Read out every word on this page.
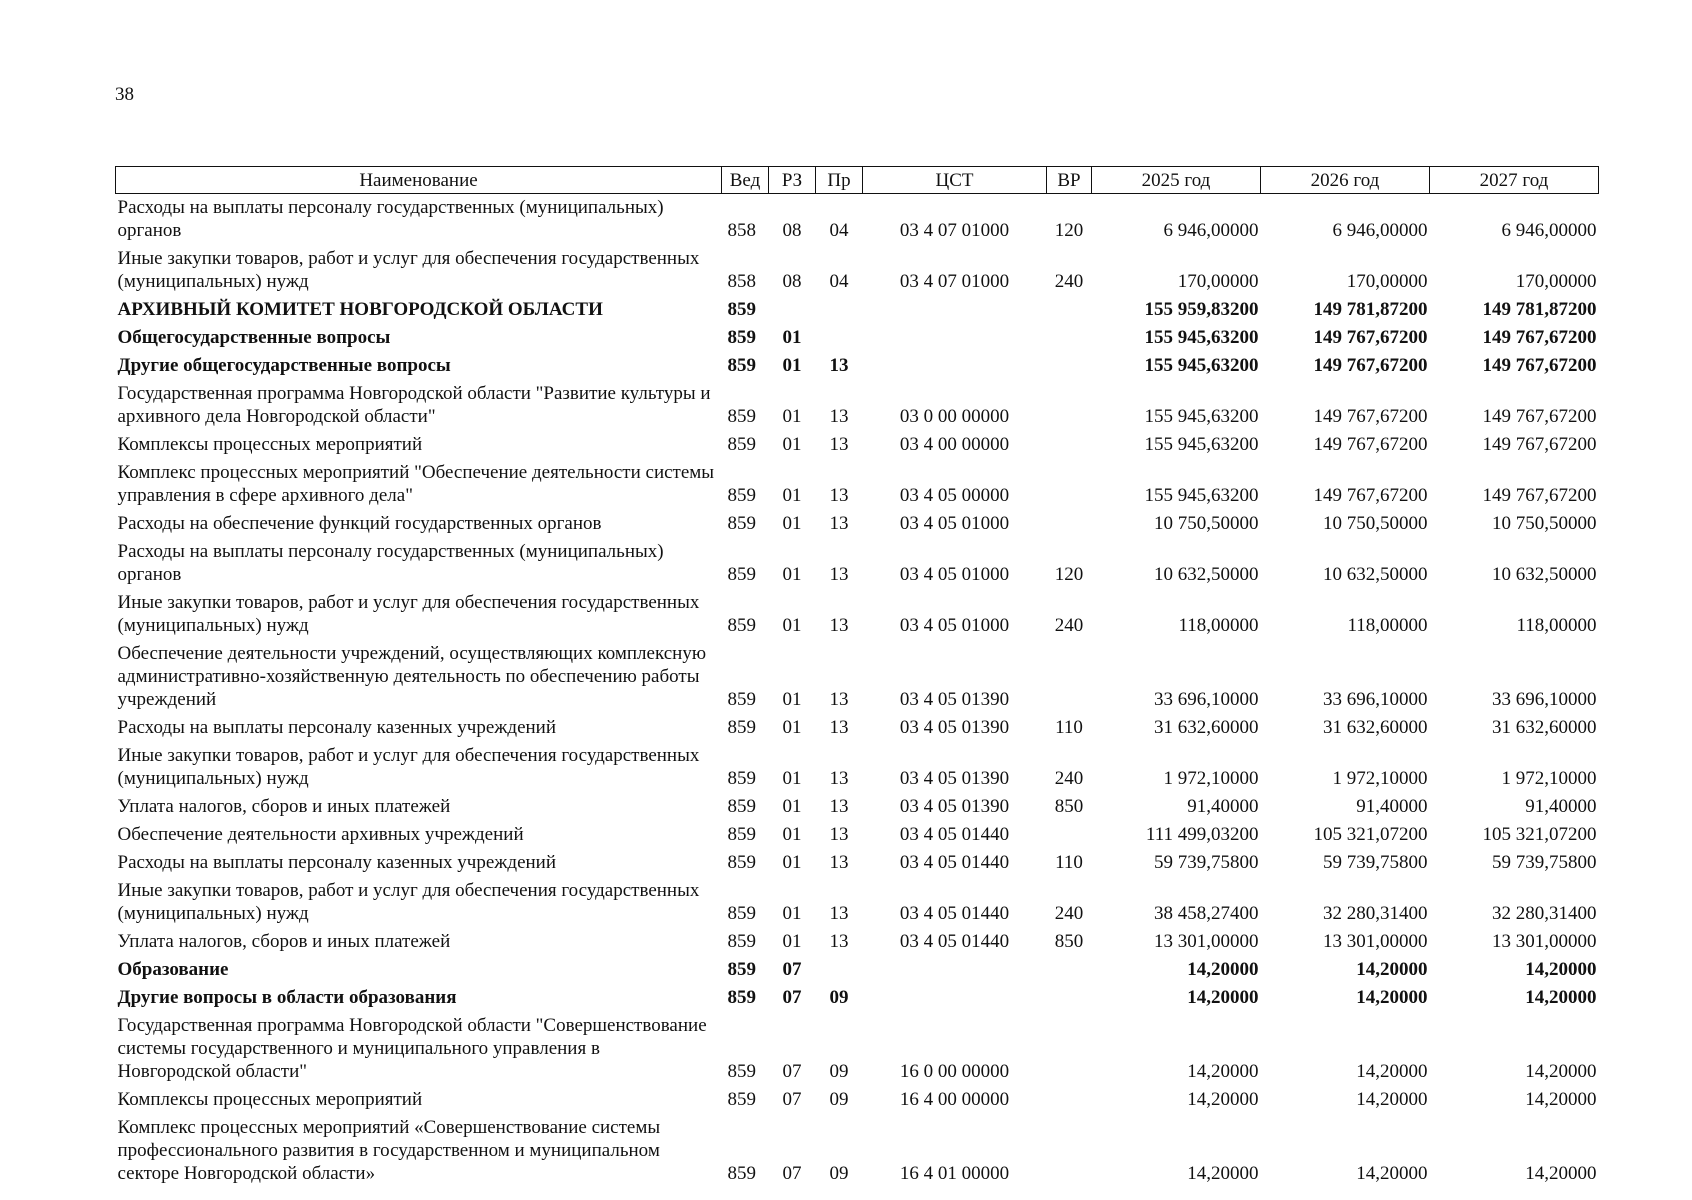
38
Наименование	Вед	РЗ	Пр	ЦСТ	ВР	2025 год	2026 год	2027 год
Расходы на выплаты персоналу государственных (муниципальных) органов	858	08	04	03 4 07 01000	120	6 946,00000	6 946,00000	6 946,00000
Иные закупки товаров, работ и услуг для обеспечения государственных (муниципальных) нужд	858	08	04	03 4 07 01000	240	170,00000	170,00000	170,00000
АРХИВНЫЙ КОМИТЕТ НОВГОРОДСКОЙ ОБЛАСТИ	859					155 959,83200	149 781,87200	149 781,87200
Общегосударственные вопросы	859	01				155 945,63200	149 767,67200	149 767,67200
Другие общегосударственные вопросы	859	01	13			155 945,63200	149 767,67200	149 767,67200
Государственная программа Новгородской области "Развитие культуры и архивного дела Новгородской области"	859	01	13	03 0 00 00000		155 945,63200	149 767,67200	149 767,67200
Комплексы процессных мероприятий	859	01	13	03 4 00 00000		155 945,63200	149 767,67200	149 767,67200
Комплекс процессных мероприятий "Обеспечение деятельности системы управления в сфере архивного дела"	859	01	13	03 4 05 00000		155 945,63200	149 767,67200	149 767,67200
Расходы на обеспечение функций государственных органов	859	01	13	03 4 05 01000		10 750,50000	10 750,50000	10 750,50000
Расходы на выплаты персоналу государственных (муниципальных) органов	859	01	13	03 4 05 01000	120	10 632,50000	10 632,50000	10 632,50000
Иные закупки товаров, работ и услуг для обеспечения государственных (муниципальных) нужд	859	01	13	03 4 05 01000	240	118,00000	118,00000	118,00000
Обеспечение деятельности учреждений, осуществляющих комплексную административно-хозяйственную деятельность по обеспечению работы учреждений	859	01	13	03 4 05 01390		33 696,10000	33 696,10000	33 696,10000
Расходы на выплаты персоналу казенных учреждений	859	01	13	03 4 05 01390	110	31 632,60000	31 632,60000	31 632,60000
Иные закупки товаров, работ и услуг для обеспечения государственных (муниципальных) нужд	859	01	13	03 4 05 01390	240	1 972,10000	1 972,10000	1 972,10000
Уплата налогов, сборов и иных платежей	859	01	13	03 4 05 01390	850	91,40000	91,40000	91,40000
Обеспечение деятельности архивных учреждений	859	01	13	03 4 05 01440		111 499,03200	105 321,07200	105 321,07200
Расходы на выплаты персоналу казенных учреждений	859	01	13	03 4 05 01440	110	59 739,75800	59 739,75800	59 739,75800
Иные закупки товаров, работ и услуг для обеспечения государственных (муниципальных) нужд	859	01	13	03 4 05 01440	240	38 458,27400	32 280,31400	32 280,31400
Уплата налогов, сборов и иных платежей	859	01	13	03 4 05 01440	850	13 301,00000	13 301,00000	13 301,00000
Образование	859	07				14,20000	14,20000	14,20000
Другие вопросы в области образования	859	07	09			14,20000	14,20000	14,20000
Государственная программа Новгородской области "Совершенствование системы государственного и муниципального управления в Новгородской области"	859	07	09	16 0 00 00000		14,20000	14,20000	14,20000
Комплексы процессных мероприятий	859	07	09	16 4 00 00000		14,20000	14,20000	14,20000
Комплекс процессных мероприятий «Совершенствование системы профессионального развития в государственном и муниципальном секторе Новгородской области»	859	07	09	16 4 01 00000		14,20000	14,20000	14,20000
